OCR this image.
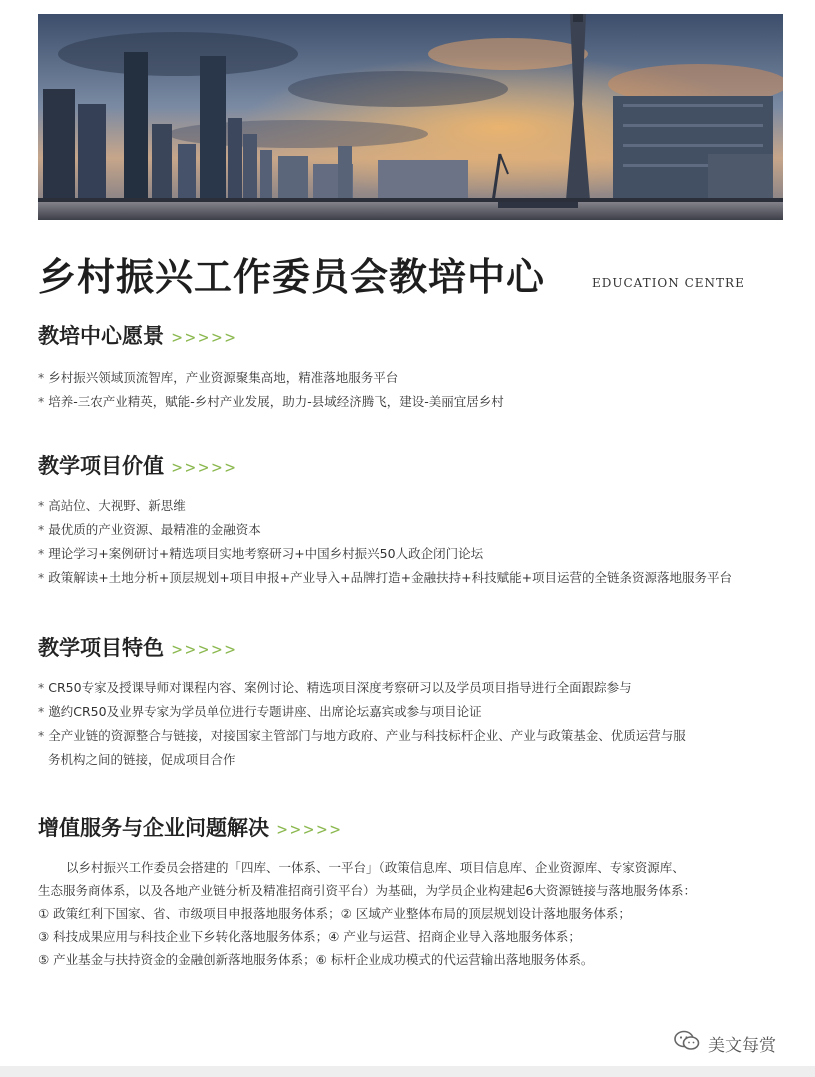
乡村振兴工作委员会教培中心	EDUCATION CENTRE
教培中心愿景 >>>>>
* 乡村振兴领域顶流智库，产业资源聚集高地，精准落地服务平台
* 培养-三农产业精英，赋能-乡村产业发展，助力-县域经济腾飞，建设-美丽宜居乡村
教学项目价值 >>>>>
* 高站位、大视野、新思维
* 最优质的产业资源、最精准的金融资本
* 理论学习+案例研讨+精选项目实地考察研习+中国乡村振兴50人政企闭门论坛
* 政策解读+土地分析+顶层规划+项目申报+产业导入+品牌打造+金融扶持+科技赋能+项目运营的全链条资源落地服务平台
教学项目特色 >>>>>
* CR50专家及授课导师对课程内容、案例讨论、精选项目深度考察研习以及学员项目指导进行全面跟踪参与
* 邀约CR50及业界专家为学员单位进行专题讲座、出席论坛嘉宾或参与项目论证
* 全产业链的资源整合与链接，对接国家主管部门与地方政府、产业与科技标杆企业、产业与政策基金、优质运营与服
务机构之间的链接，促成项目合作
增值服务与企业问题解决 >>>>>

以乡村振兴工作委员会搭建的「四库、一体系、一平台」（政策信息库、项目信息库、企业资源库、专家资源库、

生态服务商体系，以及各地产业链分析及精准招商引资平台）为基础，为学员企业构建起6大资源链接与落地服务体系：

① 政策红利下国家、省、市级项目申报落地服务体系；② 区域产业整体布局的顶层规划设计落地服务体系；

③ 科技成果应用与科技企业下乡转化落地服务体系；④ 产业与运营、招商企业导入落地服务体系；

⑤ 产业基金与扶持资金的金融创新落地服务体系；⑥ 标杆企业成功模式的代运营输出落地服务体系。

美文每赏
